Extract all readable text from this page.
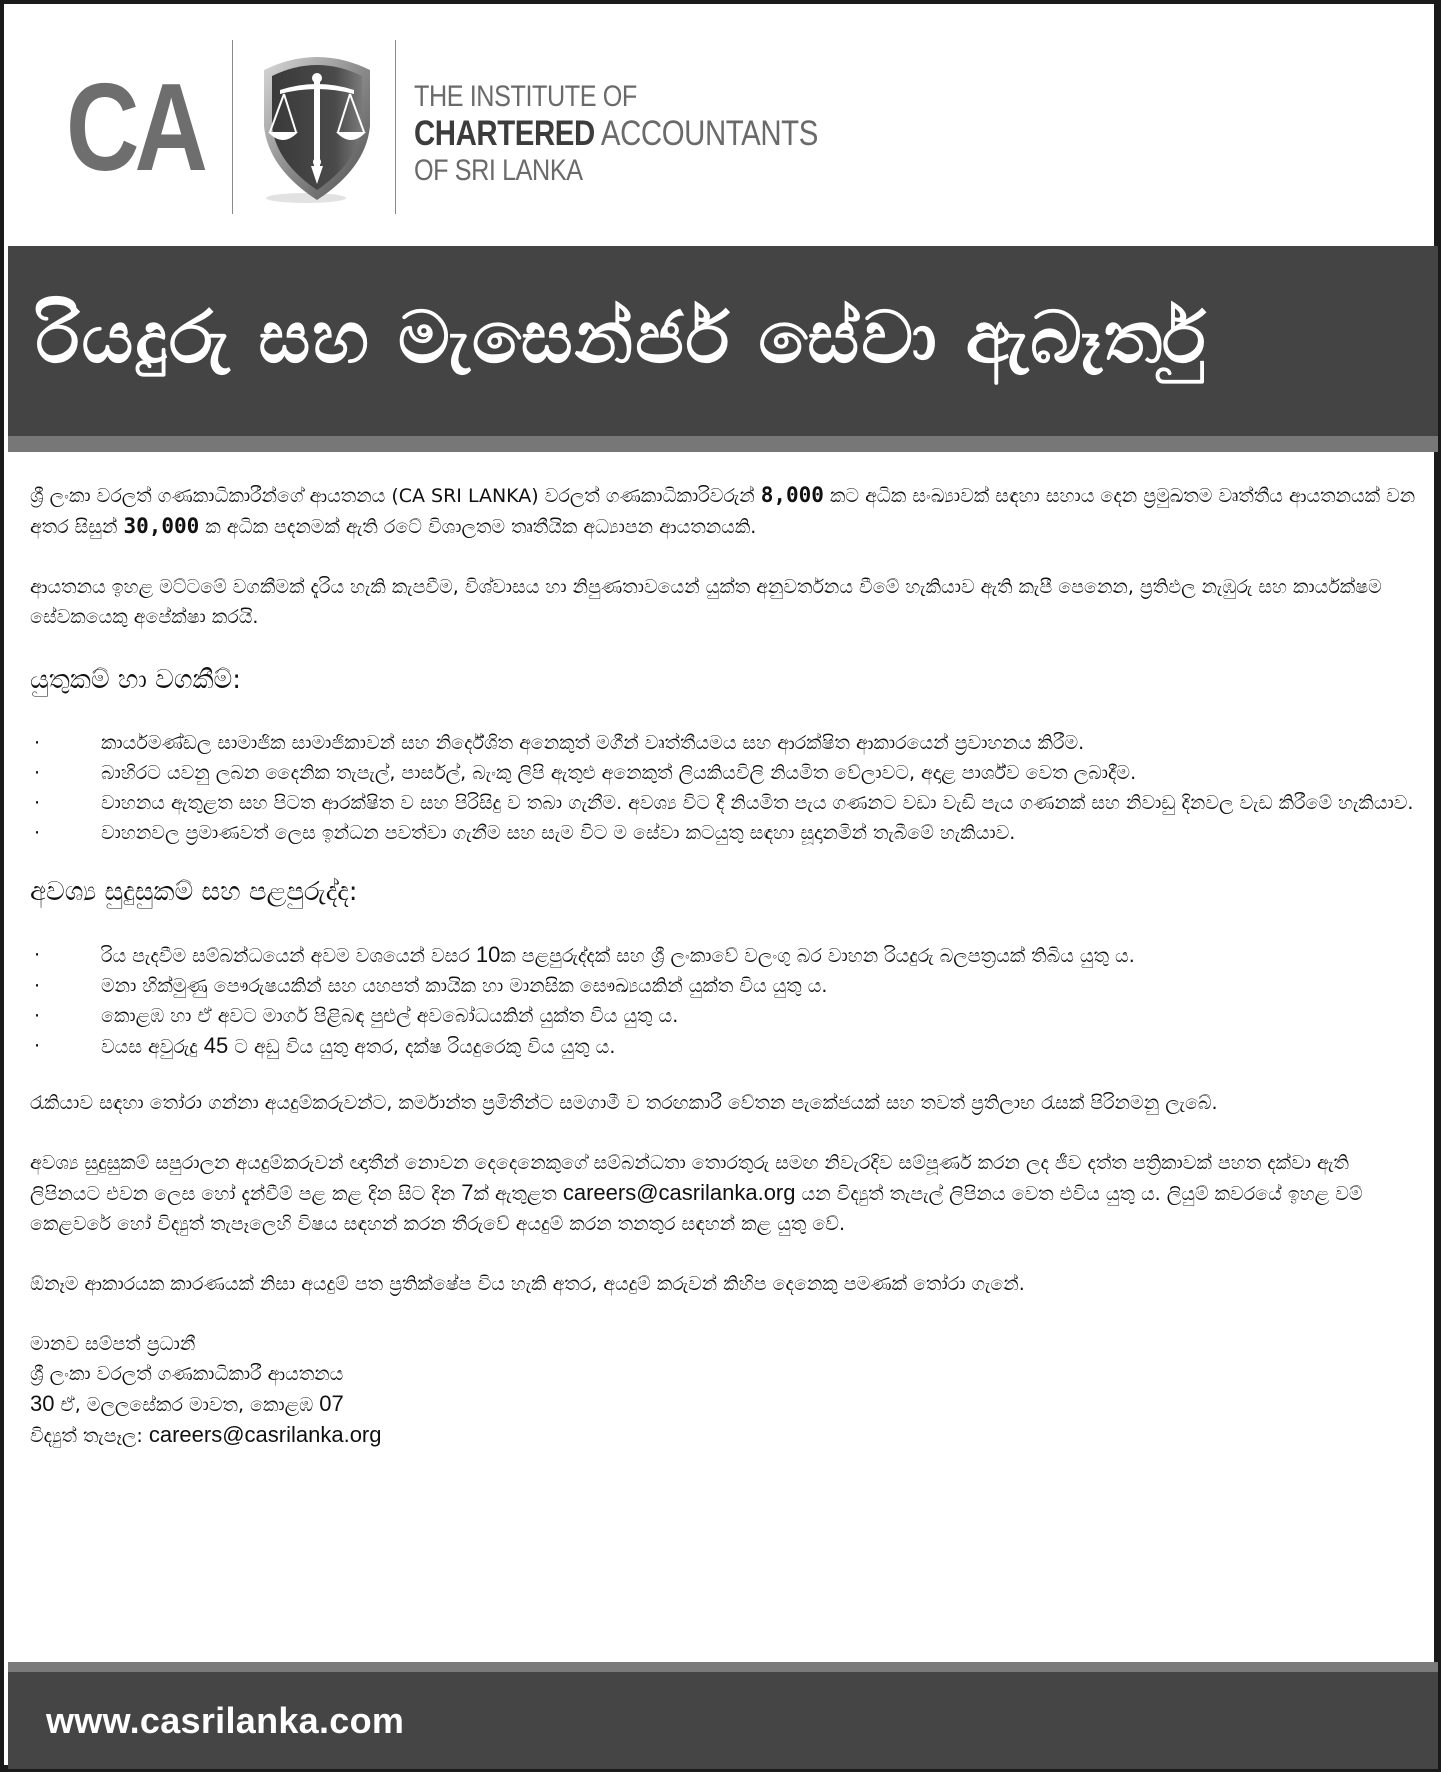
CA	THE INSTITUTE OF
CHARTERED ACCOUNTANTS
OF SRI LANKA
රියදුරු සහ මැසෙන්ජර් සේවා ඇබෑර්තු

ශ්‍රී ලංකා වරලත් ගණකාධිකාරීන්ගේ ආයතනය (CA SRI LANKA) වරලත් ගණකාධිකාරිවරුන් 8,000 කට අධික සංඛ්‍යාවක් සඳහා සහාය දෙන ප්‍රමුඛතම වෘත්තීය ආයතනයක් වන අතර සිසුන් 30,000 ක අධික පදනමක් ඇති රටේ විශාලතම තෘතීයික අධ්‍යාපන ආයතනයකි.

ආයතනය ඉහළ මට්ටමේ වගකීමක් දැරිය හැකි කැපවීම, විශ්වාසය හා නිපුණතාවයෙන් යුක්ත අනුවර්තනය වීමේ හැකියාව ඇති කැපී පෙනෙන, ප්‍රතිඵල නැඹුරු සහ කාර්යක්ෂම සේවකයෙකු අපේක්ෂා කරයි.

යුතුකම් හා වගකීම්:
·	කාර්යමණ්ඩල සාමාජික සාමාජිකාවන් සහ නිර්දේශිත අනෙකුත් මගීන් වෘත්තීයමය සහ ආරක්ෂිත ආකාරයෙන් ප්‍රවාහනය කිරීම.
·	බාහිරට යවනු ලබන දෛනික තැපැල්, පාර්සල්, බැංකු ලිපි ඇතුළු අනෙකුත් ලියකියවිලි නියමිත වේලාවට, අදාළ පාර්ශ්ව වෙත ලබාදීම.
·	වාහනය ඇතුළත සහ පිටත ආරක්ෂිත ව සහ පිරිසිදු ව තබා ගැනීම. අවශ්‍ය විට දී නියමිත පැය ගණනට වඩා වැඩි පැය ගණනක් සහ නිවාඩු දිනවල වැඩ කිරීමේ හැකියාව.
·	වාහනවල ප්‍රමාණවත් ලෙස ඉන්ධන පවත්වා ගැනීම සහ සැම විට ම සේවා කටයුතු සඳහා සූදානමින් තැබීමේ හැකියාව.
අවශ්‍ය සුදුසුකම් සහ පළපුරුද්ද:
·	රිය පැදවීම සම්බන්ධයෙන් අවම වශයෙන් වසර 10ක පළපුරුද්දක් සහ ශ්‍රී ලංකාවේ වලංගු බර වාහන රියදුරු බලපත්‍රයක් තිබිය යුතු ය.
·	මනා හික්මුණු පෞරුෂයකින් සහ යහපත් කායික හා මානසික සෞඛ්‍යයකින් යුක්ත විය යුතු ය.
·	කොළඹ හා ඒ අවට මාර්ග පිළිබඳ පුළුල් අවබෝධයකින් යුක්ත විය යුතු ය.
·	වයස අවුරුදු 45 ට අඩු විය යුතු අතර, දක්ෂ රියදුරෙකු විය යුතු ය.

රැකියාව සඳහා තෝරා ගන්නා අයදුම්කරුවන්ට, කර්මාන්ත ප්‍රමිතීන්ට සමගාමී ව තරඟකාරී වේතන පැකේජයක් සහ තවත් ප්‍රතිලාභ රැසක් පිරිනමනු ලැබේ.

අවශ්‍ය සුදුසුකම් සපුරාලන අයදුම්කරුවන් ඥාතීන් නොවන දෙදෙනෙකුගේ සම්බන්ධතා තොරතුරු සමඟ නිවැරදිව සම්පූර්ණ කරන ලද ජීව දත්ත පත්‍රිකාවක් පහත දක්වා ඇති ලිපිනයට එවන ලෙස හෝ දැන්වීම් පළ කළ දින සිට දින 7ක් ඇතුළත careers@casrilanka.org යන විද්‍යුත් තැපැල් ලිපිනය වෙත එවිය යුතු ය. ලියුම් කවරයේ ඉහළ වම් කෙළවරේ හෝ විද්‍යුත් තැපෑලෙහි විෂය සඳහන් කරන තීරුවේ අයදුම් කරන තනතුර සඳහන් කළ යුතු වේ.

ඕනෑම ආකාරයක කාරණයක් නිසා අයදුම් පත ප්‍රතික්ෂේප විය හැකි අතර, අයදුම් කරුවන් කිහිප දෙනෙකු පමණක් තෝරා ගැනේ.

මානව සම්පත් ප්‍රධානී
ශ්‍රී ලංකා වරලත් ගණකාධිකාරී ආයතනය
30 ඒ, මලලසේකර මාවත, කොළඹ 07
විද්‍යුත් තැපෑල: careers@casrilanka.org
www.casrilanka.com
